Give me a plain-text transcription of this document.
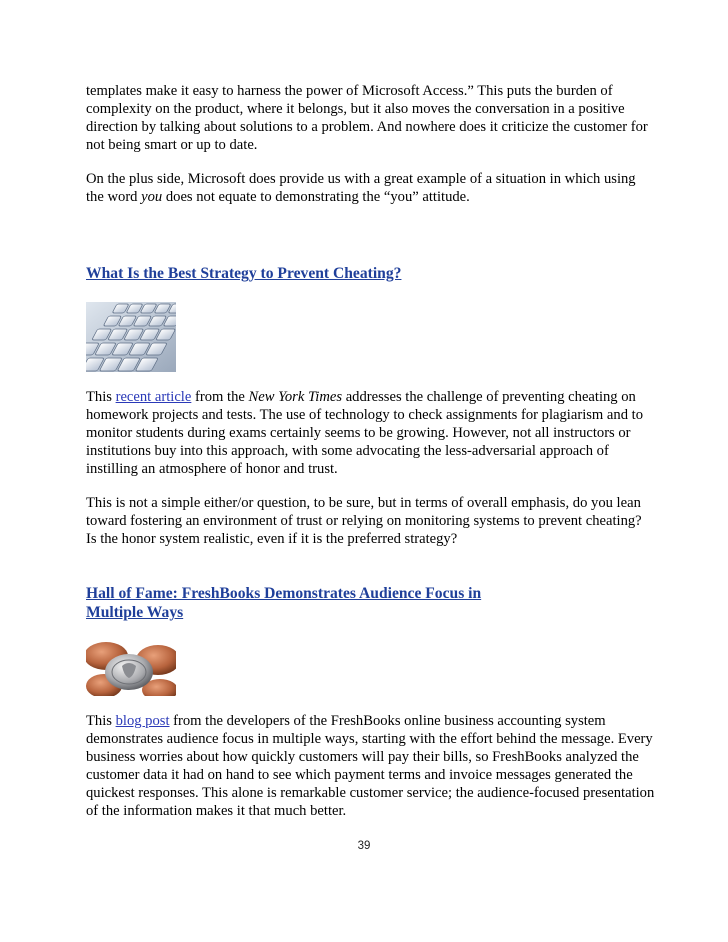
templates make it easy to harness the power of Microsoft Access.” This puts the burden of
complexity on the product, where it belongs, but it also moves the conversation in a positive
direction by talking about solutions to a problem. And nowhere does it criticize the customer for
not being smart or up to date.

On the plus side, Microsoft does provide us with a great example of a situation in which using
the word you does not equate to demonstrating the “you” attitude.

What Is the Best Strategy to Prevent Cheating?

This recent article from the New York Times addresses the challenge of preventing cheating on
homework projects and tests. The use of technology to check assignments for plagiarism and to
monitor students during exams certainly seems to be growing. However, not all instructors or
institutions buy into this approach, with some advocating the less-adversarial approach of
instilling an atmosphere of honor and trust.

This is not a simple either/or question, to be sure, but in terms of overall emphasis, do you lean
toward fostering an environment of trust or relying on monitoring systems to prevent cheating?
Is the honor system realistic, even if it is the preferred strategy?

Hall of Fame: FreshBooks Demonstrates Audience Focus in
Multiple Ways

This blog post from the developers of the FreshBooks online business accounting system
demonstrates audience focus in multiple ways, starting with the effort behind the message. Every
business worries about how quickly customers will pay their bills, so FreshBooks analyzed the
customer data it had on hand to see which payment terms and invoice messages generated the
quickest responses. This alone is remarkable customer service; the audience-focused presentation
of the information makes it that much better.

39
